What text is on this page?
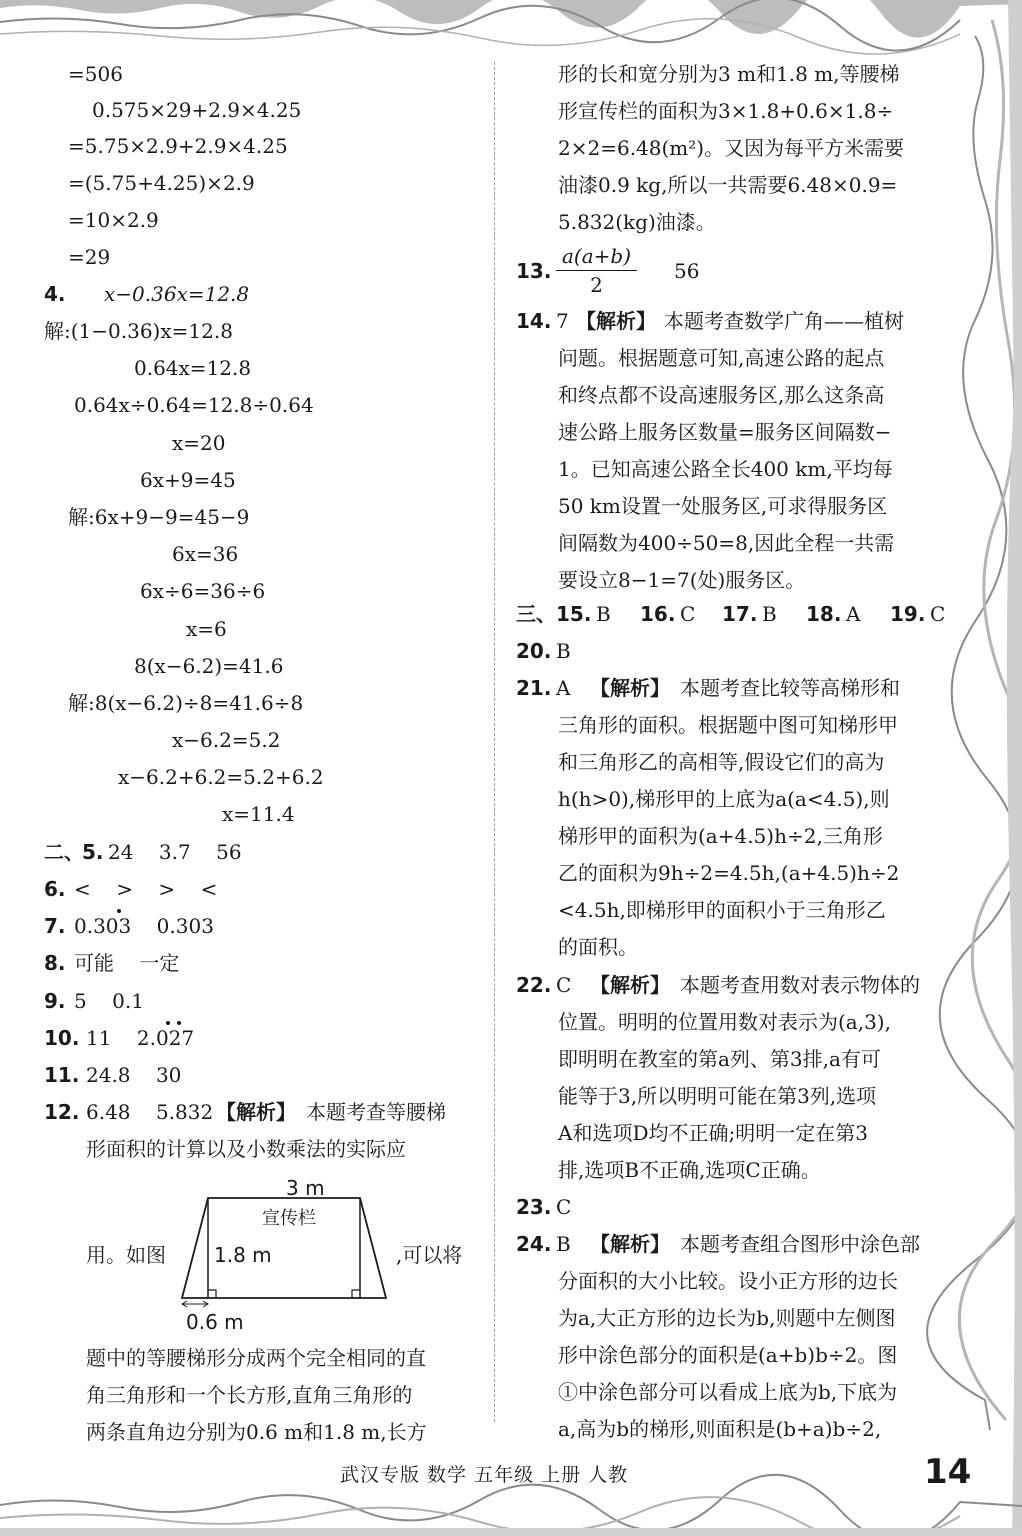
=506
0.575×29+2.9×4.25
=5.75×2.9+2.9×4.25
=(5.75+4.25)×2.9
=10×2.9
=29
4. x−0.36x=12.8
解:(1−0.36)x=12.8
0.64x=12.8
0.64x÷0.64=12.8÷0.64
x=20
6x+9=45
解:6x+9−9=45−9
6x=36
6x÷6=36÷6
x=6
8(x−6.2)=41.6
解:8(x−6.2)÷8=41.6÷8
x−6.2=5.2
x−6.2+6.2=5.2+6.2
x=11.4
二、
5. 24    3.7    56
6. <    >    >    <
7. 0.303    0.303
8. 可能    一定
9. 5    0.1
10. 11    2.027
11. 24.8    30
12. 6.48    5.832 【解析】 本题考查等腰梯
形面积的计算以及小数乘法的实际应
3 m
宣传栏
1.8 m
0.6 m
用。如图	,可以将
题中的等腰梯形分成两个完全相同的直
角三角形和一个长方形,直角三角形的
两条直角边分别为0.6 m和1.8 m,长方
形的长和宽分别为3 m和1.8 m,等腰梯
形宣传栏的面积为3×1.8+0.6×1.8÷
2×2=6.48(m²)。又因为每平方米需要
油漆0.9 kg,所以一共需要6.48×0.9=
5.832(kg)油漆。
13. $\frac{a(a+b)}{2} 56$
14. 7 【解析】 本题考查数学广角——植树
问题。根据题意可知,高速公路的起点
和终点都不设高速服务区,那么这条高
速公路上服务区数量=服务区间隔数−
1。已知高速公路全长400 km,平均每
50 km设置一处服务区,可求得服务区
间隔数为400÷50=8,因此全程一共需
要设立8−1=7(处)服务区。
三、 15. B 16. C 17. B 18. A 19. C
20. B
21. A 【解析】 本题考查比较等高梯形和
三角形的面积。根据题中图可知梯形甲
和三角形乙的高相等,假设它们的高为
h(h>0),梯形甲的上底为a(a<4.5),则
梯形甲的面积为(a+4.5)h÷2,三角形
乙的面积为9h÷2=4.5h,(a+4.5)h÷2
<4.5h,即梯形甲的面积小于三角形乙
的面积。
22. C 【解析】 本题考查用数对表示物体的
位置。明明的位置用数对表示为(a,3),
即明明在教室的第a列、第3排,a有可
能等于3,所以明明可能在第3列,选项
A和选项D均不正确;明明一定在第3
排,选项B不正确,选项C正确。
23. C
24. B 【解析】 本题考查组合图形中涂色部
分面积的大小比较。设小正方形的边长
为a,大正方形的边长为b,则题中左侧图
形中涂色部分的面积是(a+b)b÷2。图
①中涂色部分可以看成上底为b,下底为
a,高为b的梯形,则面积是(b+a)b÷2,
武汉专版 数学 五年级 上册 人教	14
